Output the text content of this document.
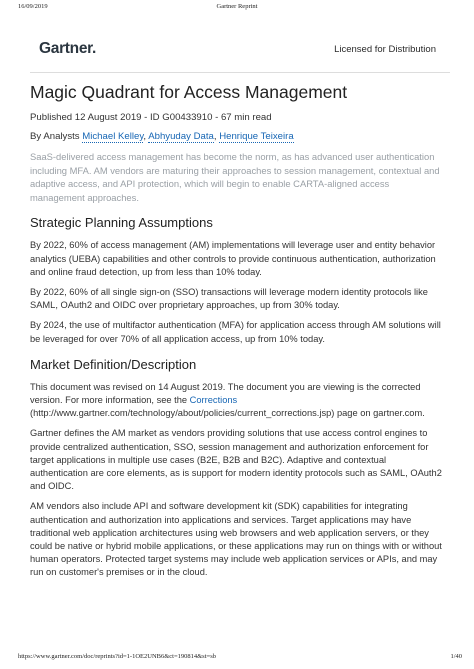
16/09/2019	Gartner Reprint
Gartner.	Licensed for Distribution
Magic Quadrant for Access Management
Published 12 August 2019 - ID G00433910 - 67 min read
By Analysts Michael Kelley, Abhyuday Data, Henrique Teixeira
SaaS-delivered access management has become the norm, as has advanced user authentication including MFA. AM vendors are maturing their approaches to session management, contextual and adaptive access, and API protection, which will begin to enable CARTA-aligned access management approaches.
Strategic Planning Assumptions

By 2022, 60% of access management (AM) implementations will leverage user and entity behavior analytics (UEBA) capabilities and other controls to provide continuous authentication, authorization and online fraud detection, up from less than 10% today.

By 2022, 60% of all single sign-on (SSO) transactions will leverage modern identity protocols like SAML, OAuth2 and OIDC over proprietary approaches, up from 30% today.

By 2024, the use of multifactor authentication (MFA) for application access through AM solutions will be leveraged for over 70% of all application access, up from 10% today.

Market Definition/Description

This document was revised on 14 August 2019. The document you are viewing is the corrected version. For more information, see the Corrections
(http://www.gartner.com/technology/about/policies/current_corrections.jsp) page on gartner.com.

Gartner defines the AM market as vendors providing solutions that use access control engines to provide centralized authentication, SSO, session management and authorization enforcement for target applications in multiple use cases (B2E, B2B and B2C). Adaptive and contextual authentication are core elements, as is support for modern identity protocols such as SAML, OAuth2 and OIDC.

AM vendors also include API and software development kit (SDK) capabilities for integrating authentication and authorization into applications and services. Target applications may have traditional web application architectures using web browsers and web application servers, or they could be native or hybrid mobile applications, or these applications may run on things with or without human operators. Protected target systems may include web application services or APIs, and may run on customer's premises or in the cloud.

https://www.gartner.com/doc/reprints?id=1-1OE2UNB6&ct=190814&st=sb	1/40
